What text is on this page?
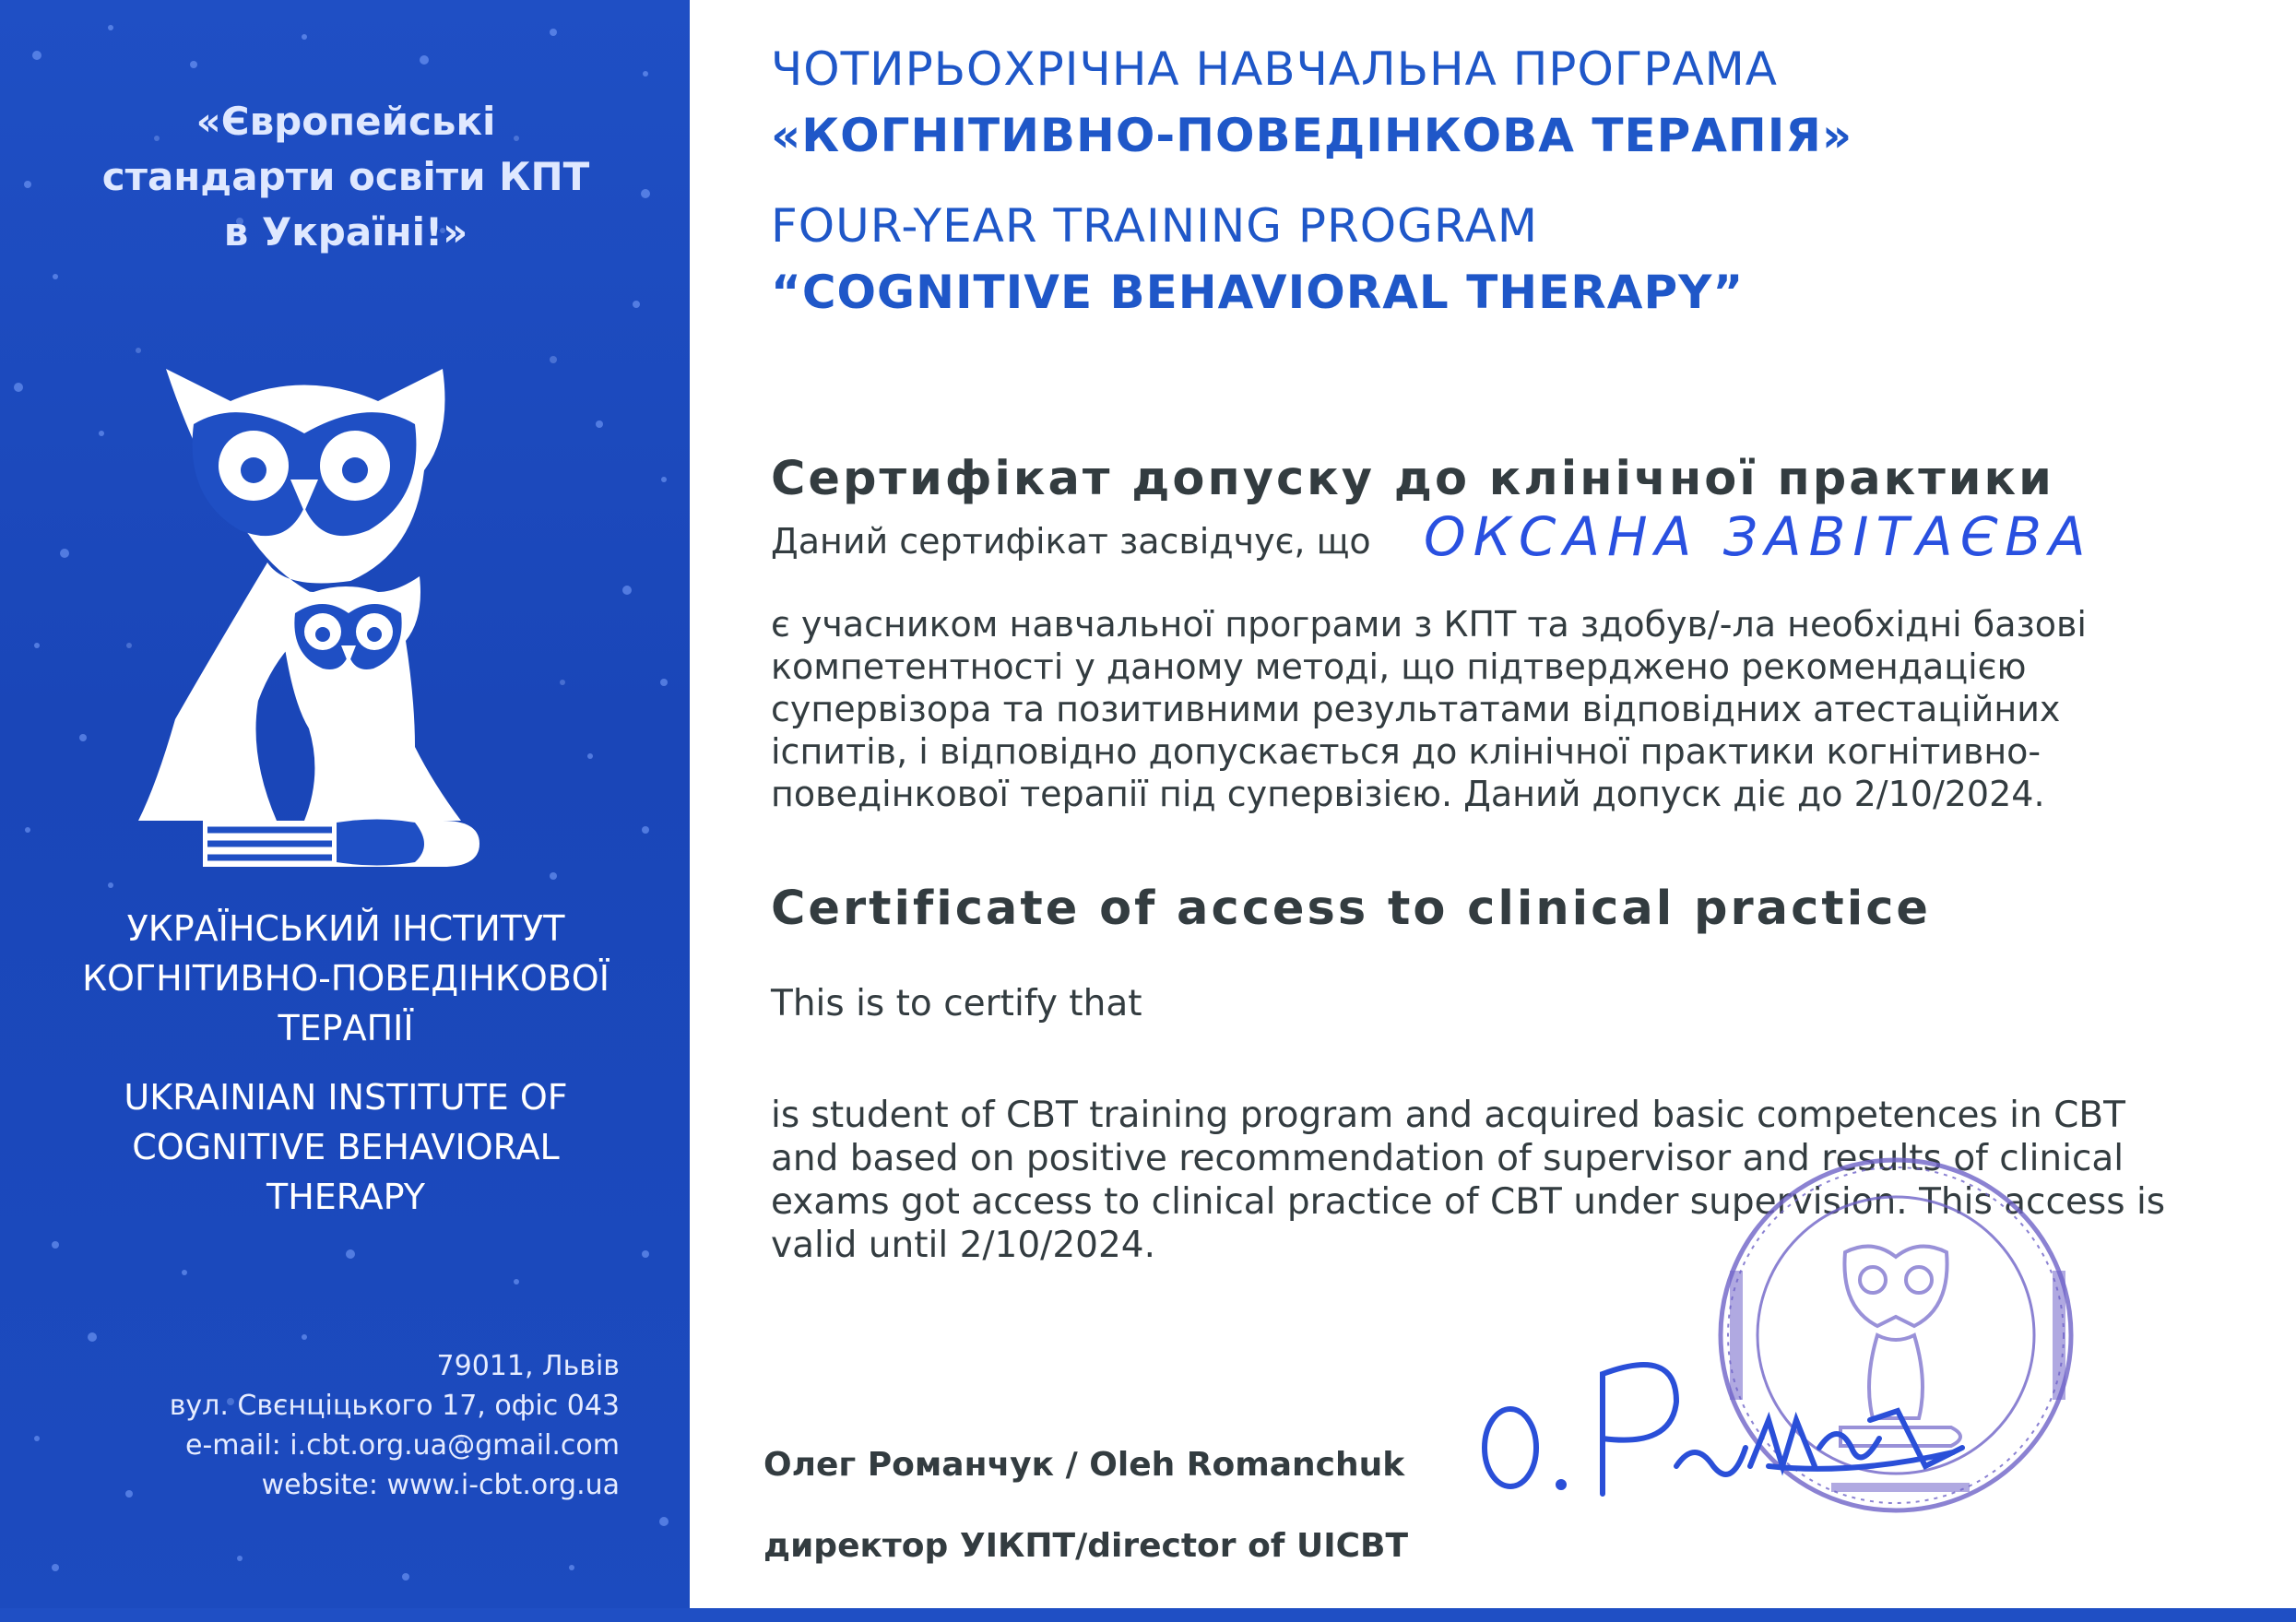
«Європейські
стандарти освіти КПТ
в Україні!»
УКРАЇНСЬКИЙ ІНСТИТУТ
КОГНІТИВНО-ПОВЕДІНКОВОЇ
ТЕРАПІЇ
UKRAINIAN INSTITUTE OF
COGNITIVE BEHAVIORAL
THERAPY
79011, Львів
вул. Свєнціцького 17, офіс 043
e-mail: i.cbt.org.ua@gmail.com
website: www.i-cbt.org.ua
ЧОТИРЬОХРІЧНА НАВЧАЛЬНА ПРОГРАМА
«КОГНІТИВНО-ПОВЕДІНКОВА ТЕРАПІЯ»
FOUR-YEAR TRAINING PROGRAM
“COGNITIVE BEHAVIORAL THERAPY”
Сертифікат допуску до клінічної практики
Даний сертифікат засвідчує, що ОКСАНА ЗАВІТАЄВА
є учасником навчальної програми з КПТ та здобув/-ла необхідні базові
компетентності у даному методі, що підтверджено рекомендацією
супервізора та позитивними результатами відповідних атестаційних
іспитів, і відповідно допускається до клінічної практики когнітивно-
поведінкової терапії під супервізією. Даний допуск діє до 2/10/2024.
Certificate of access to clinical practice
This is to certify that
is student of CBT training program and acquired basic competences in CBT
and based on positive recommendation of supervisor and results of clinical
exams got access to clinical practice of CBT under supervision. This access is
valid until 2/10/2024.
Олег Романчук / Oleh Romanchuk
директор УІКПТ/director of UICBT
